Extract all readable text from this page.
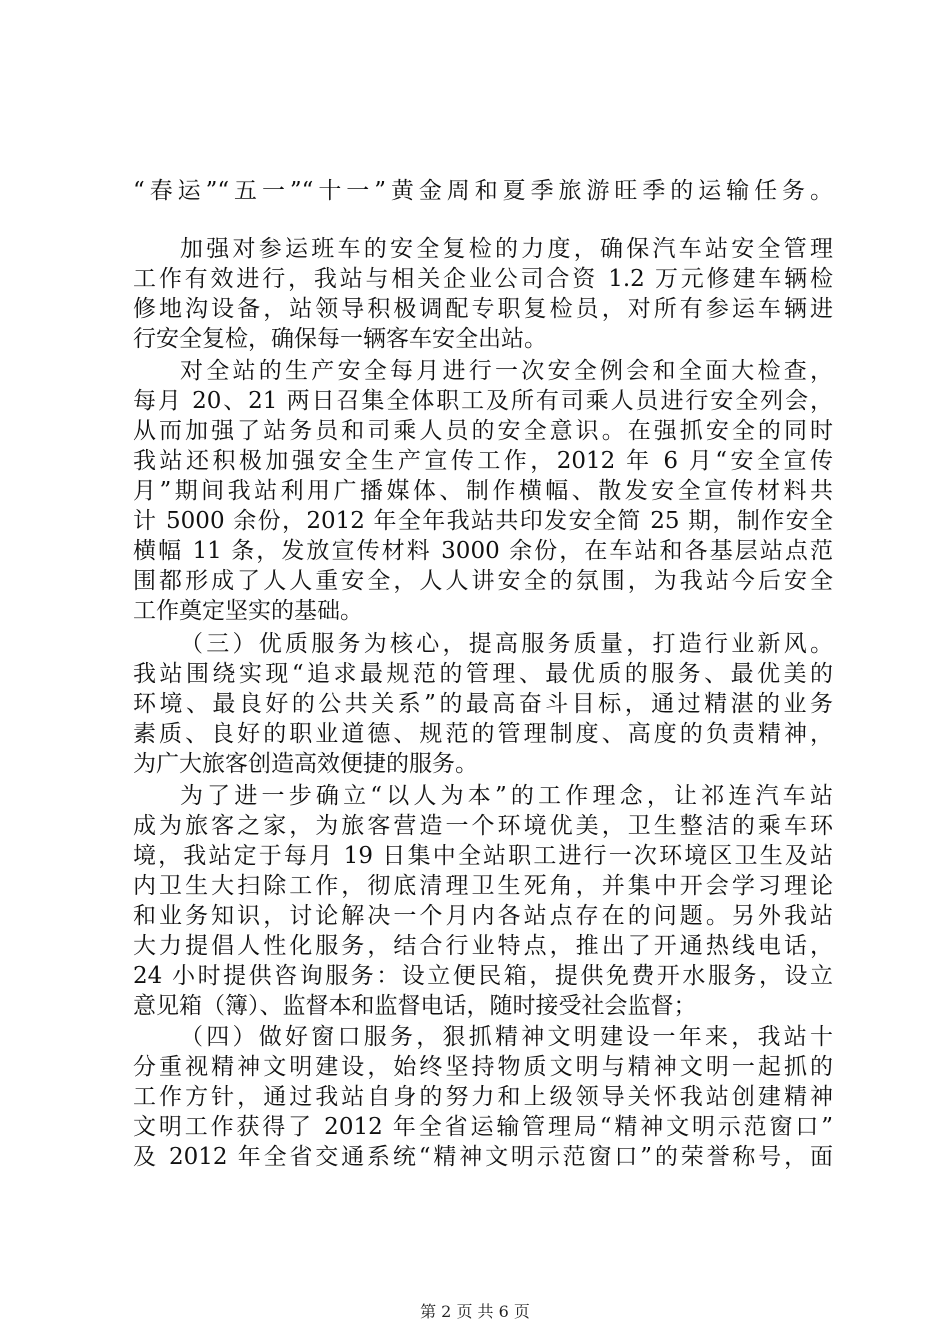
“春运”“五一”“十一”黄金周和夏季旅游旺季的运输任务。
加强对参运班车的安全复检的力度，确保汽车站安全管理
工作有效进行，我站与相关企业公司合资 1.2 万元修建车辆检
修地沟设备，站领导积极调配专职复检员，对所有参运车辆进
行安全复检，确保每一辆客车安全出站。
对全站的生产安全每月进行一次安全例会和全面大检查，
每月 20、21 两日召集全体职工及所有司乘人员进行安全列会，
从而加强了站务员和司乘人员的安全意识。在强抓安全的同时
我站还积极加强安全生产宣传工作，2012 年 6 月“安全宣传
月”期间我站利用广播媒体、制作横幅、散发安全宣传材料共
计 5000 余份，2012 年全年我站共印发安全简 25 期，制作安全
横幅 11 条，发放宣传材料 3000 余份，在车站和各基层站点范
围都形成了人人重安全，人人讲安全的氛围，为我站今后安全
工作奠定坚实的基础。
（三）优质服务为核心，提高服务质量，打造行业新风。
我站围绕实现“追求最规范的管理、最优质的服务、最优美的
环境、最良好的公共关系”的最高奋斗目标，通过精湛的业务
素质、良好的职业道德、规范的管理制度、高度的负责精神，
为广大旅客创造高效便捷的服务。
为了进一步确立“以人为本”的工作理念，让祁连汽车站
成为旅客之家，为旅客营造一个环境优美，卫生整洁的乘车环
境，我站定于每月 19 日集中全站职工进行一次环境区卫生及站
内卫生大扫除工作，彻底清理卫生死角，并集中开会学习理论
和业务知识，讨论解决一个月内各站点存在的问题。另外我站
大力提倡人性化服务，结合行业特点，推出了开通热线电话，
24 小时提供咨询服务：设立便民箱，提供免费开水服务，设立
意见箱（簿）、监督本和监督电话，随时接受社会监督；
（四）做好窗口服务，狠抓精神文明建设一年来，我站十
分重视精神文明建设，始终坚持物质文明与精神文明一起抓的
工作方针，通过我站自身的努力和上级领导关怀我站创建精神
文明工作获得了 2012 年全省运输管理局“精神文明示范窗口”
及 2012 年全省交通系统“精神文明示范窗口”的荣誉称号，面
第 2 页 共 6 页
